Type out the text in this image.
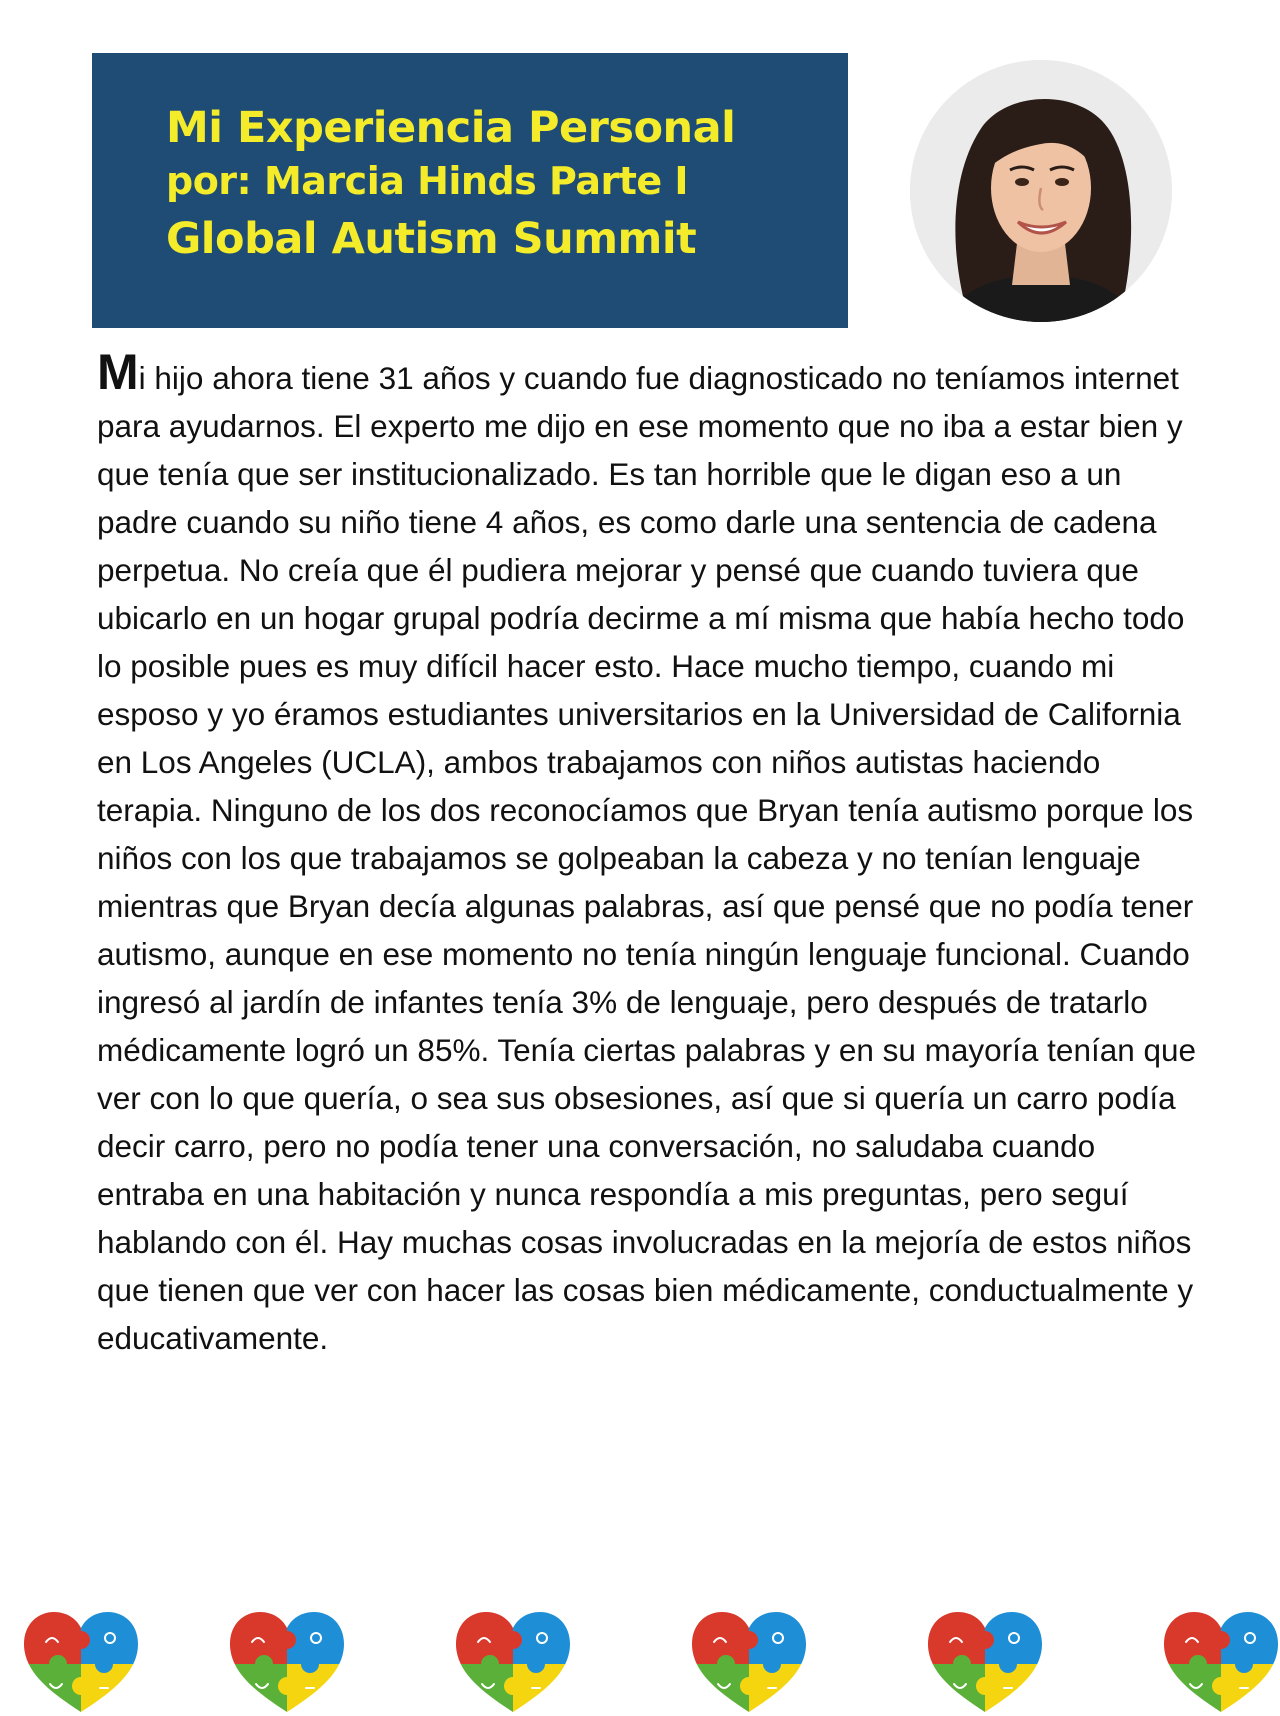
Mi Experiencia Personal
por: Marcia Hinds Parte I
Global Autism Summit

Mi hijo ahora tiene 31 años y cuando fue diagnosticado no teníamos internet para ayudarnos. El experto me dijo en ese momento que no iba a estar bien y que tenía que ser institucionalizado. Es tan horrible que le digan eso a un padre cuando su niño tiene 4 años, es como darle una sentencia de cadena perpetua. No creía que él pudiera mejorar y pensé que cuando tuviera que ubicarlo en un hogar grupal podría decirme a mí misma que había hecho todo lo posible pues es muy difícil hacer esto. Hace mucho tiempo, cuando mi esposo y yo éramos estudiantes universitarios en la Universidad de California en Los Angeles (UCLA), ambos trabajamos con niños autistas haciendo terapia. Ninguno de los dos reconocíamos que Bryan tenía autismo porque los niños con los que trabajamos se golpeaban la cabeza y no tenían lenguaje mientras que Bryan decía algunas palabras, así que pensé que no podía tener autismo, aunque en ese momento no tenía ningún lenguaje funcional. Cuando ingresó al jardín de infantes tenía 3% de lenguaje, pero después de tratarlo médicamente logró un 85%. Tenía ciertas palabras y en su mayoría tenían que ver con lo que quería, o sea sus obsesiones, así que si quería un carro podía decir carro, pero no podía tener una conversación, no saludaba cuando entraba en una habitación y nunca respondía a mis preguntas, pero seguí hablando con él. Hay muchas cosas involucradas en la mejoría de estos niños que tienen que ver con hacer las cosas bien médicamente, conductualmente y educativamente.
